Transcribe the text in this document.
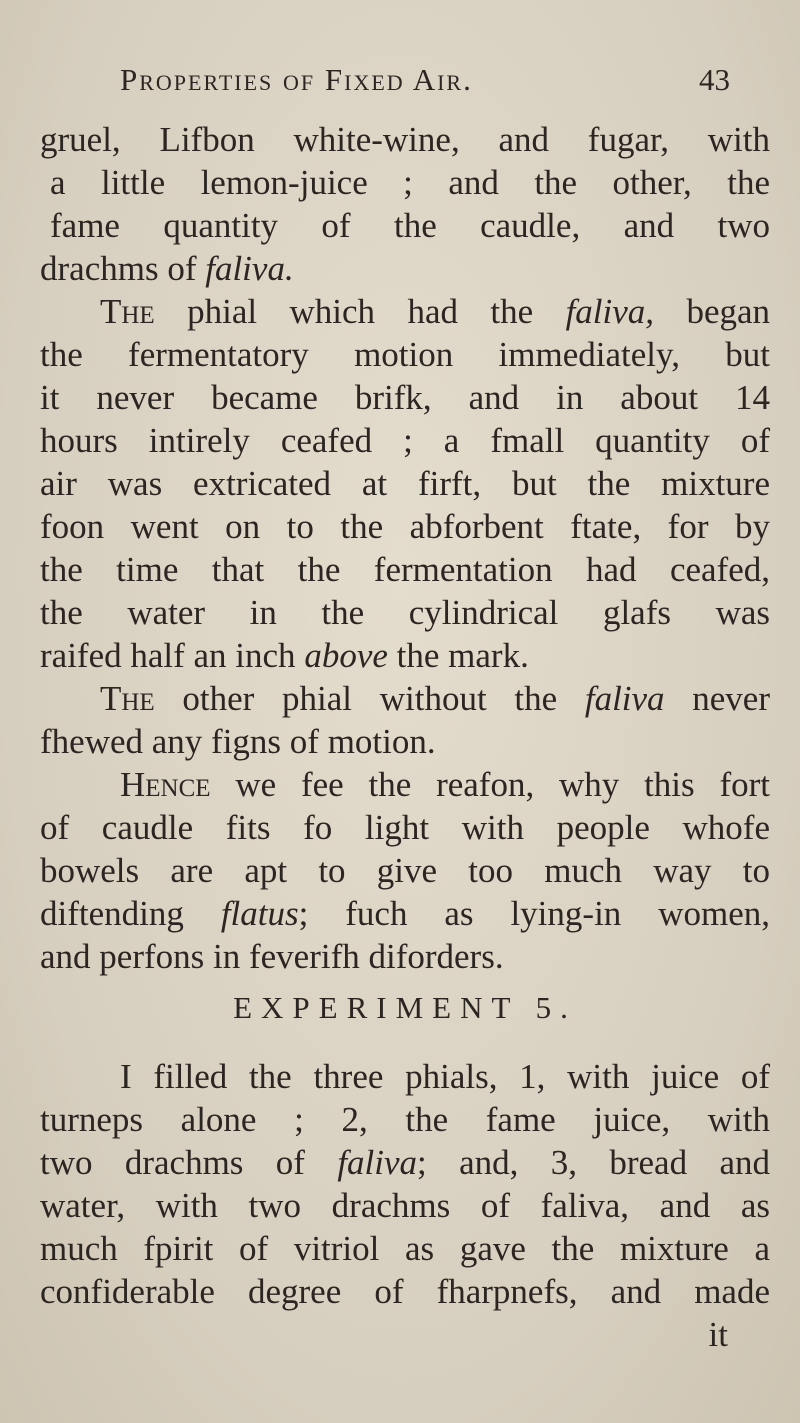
Properties of Fixed Air.	43
gruel, Lifbon white-wine, and fugar, with
a little lemon-juice ; and the other, the
fame quantity of the caudle, and two
drachms of faliva.
The phial which had the faliva, began
the fermentatory motion immediately, but
it never became brifk, and in about 14
hours intirely ceafed ; a fmall quantity of
air was extricated at firft, but the mixture
foon went on to the abforbent ftate, for by
the time that the fermentation had ceafed,
the water in the cylindrical glafs was
raifed half an inch above the mark.
The other phial without the faliva never
fhewed any figns of motion.
Hence we fee the reafon, why this fort
of caudle fits fo light with people whofe
bowels are apt to give too much way to
diftending flatus; fuch as lying-in women,
and perfons in feverifh diforders.
EXPERIMENT 5.
I filled the three phials, 1, with juice of
turneps alone ; 2, the fame juice, with
two drachms of faliva; and, 3, bread and
water, with two drachms of faliva, and as
much fpirit of vitriol as gave the mixture a
confiderable degree of fharpnefs, and made
it
